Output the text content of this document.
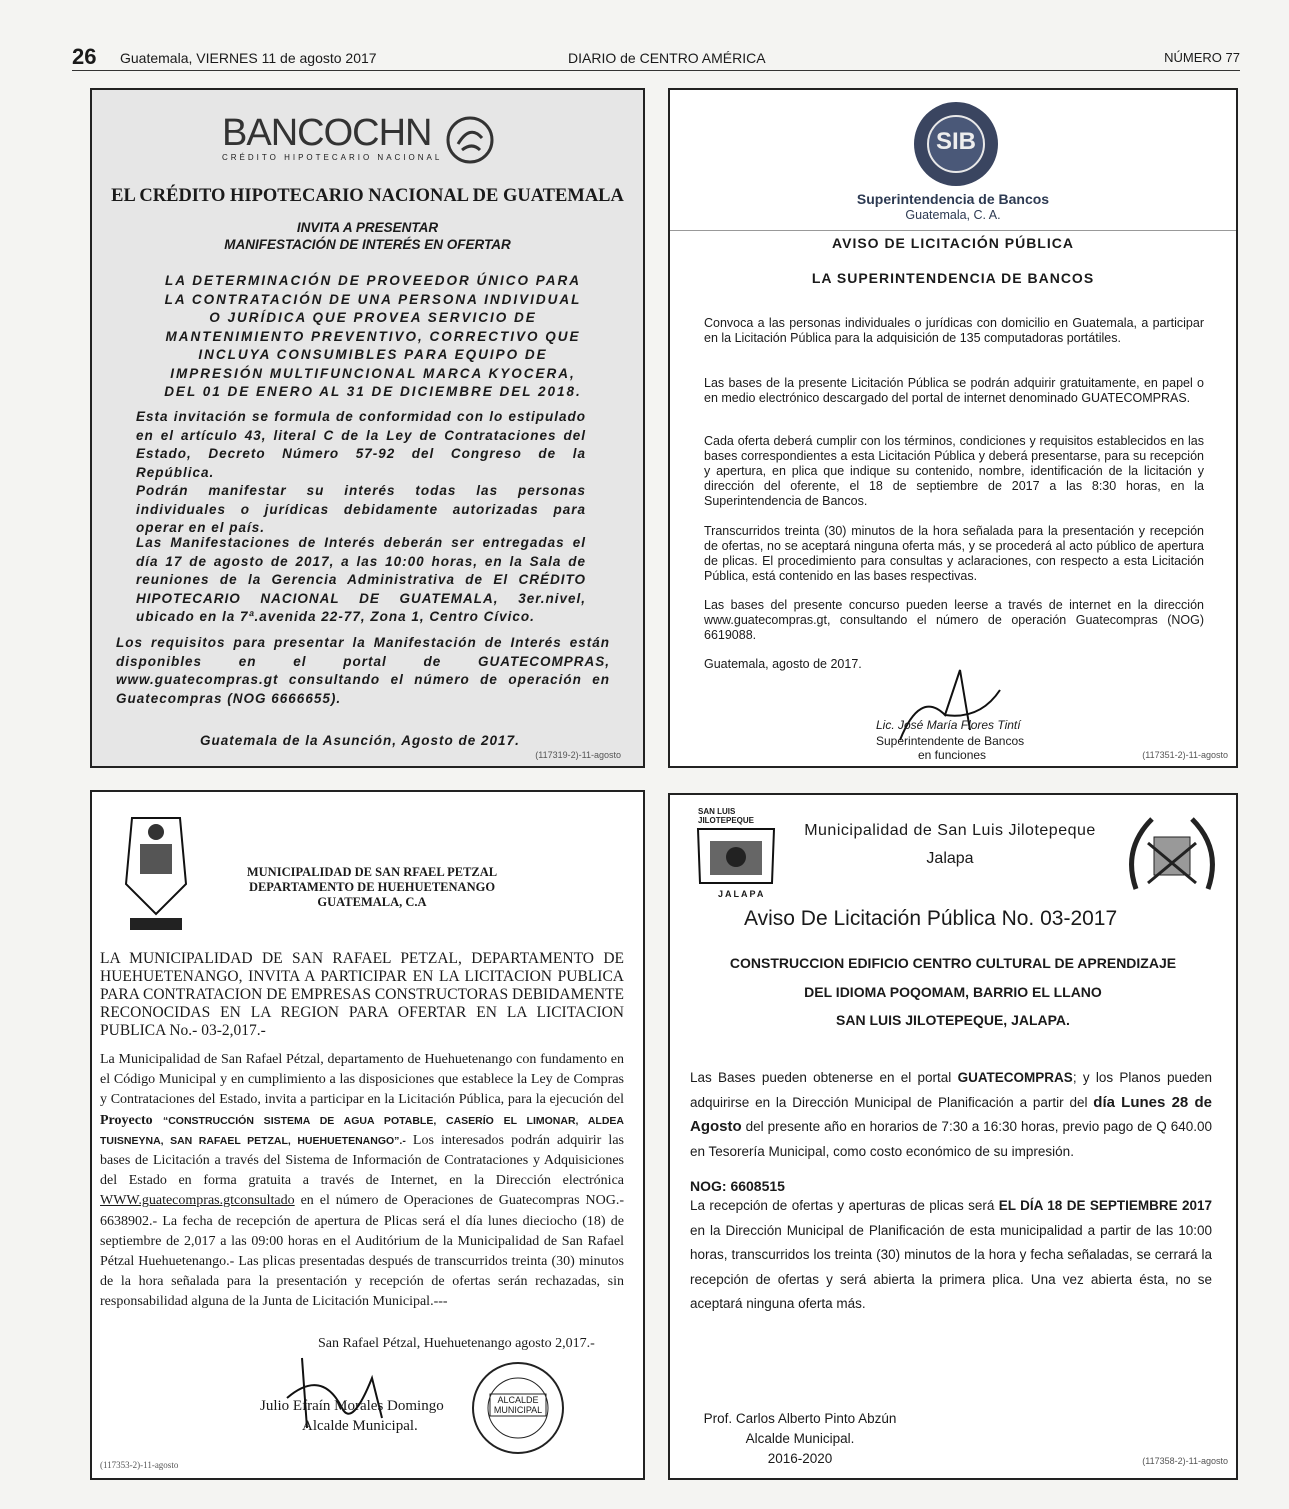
26 Guatemala, VIERNES 11 de agosto 2017	DIARIO de CENTRO AMÉRICA	NÚMERO 77
BANCOCHN
CRÉDITO HIPOTECARIO NACIONAL
EL CRÉDITO HIPOTECARIO NACIONAL DE GUATEMALA
INVITA A PRESENTAR
MANIFESTACIÓN DE INTERÉS EN OFERTAR
LA DETERMINACIÓN DE PROVEEDOR ÚNICO PARA
LA CONTRATACIÓN DE UNA PERSONA INDIVIDUAL
O JURÍDICA QUE PROVEA SERVICIO DE
MANTENIMIENTO PREVENTIVO, CORRECTIVO QUE
INCLUYA CONSUMIBLES PARA EQUIPO DE
IMPRESIÓN MULTIFUNCIONAL MARCA KYOCERA,
DEL 01 DE ENERO AL 31 DE DICIEMBRE DEL 2018.
Esta invitación se formula de conformidad con lo estipulado en el artículo 43, literal C de la Ley de Contrataciones del Estado, Decreto Número 57-92 del Congreso de la República.
Podrán manifestar su interés todas las personas individuales o jurídicas debidamente autorizadas para operar en el país.
Las Manifestaciones de Interés deberán ser entregadas el día 17 de agosto de 2017, a las 10:00 horas, en la Sala de reuniones de la Gerencia Administrativa de El CRÉDITO HIPOTECARIO NACIONAL DE GUATEMALA, 3er.nivel, ubicado en la 7ª.avenida 22-77, Zona 1, Centro Cívico.
Los requisitos para presentar la Manifestación de Interés están disponibles en el portal de GUATECOMPRAS, www.guatecompras.gt consultando el número de operación en Guatecompras (NOG 6666655).
Guatemala de la Asunción, Agosto de 2017.
(117319-2)-11-agosto
SIB
Superintendencia de Bancos
Guatemala, C. A.
AVISO DE LICITACIÓN PÚBLICA
LA SUPERINTENDENCIA DE BANCOS
Convoca a las personas individuales o jurídicas con domicilio en Guatemala, a participar en la Licitación Pública para la adquisición de 135 computadoras portátiles.
Las bases de la presente Licitación Pública se podrán adquirir gratuitamente, en papel o en medio electrónico descargado del portal de internet denominado GUATECOMPRAS.
Cada oferta deberá cumplir con los términos, condiciones y requisitos establecidos en las bases correspondientes a esta Licitación Pública y deberá presentarse, para su recepción y apertura, en plica que indique su contenido, nombre, identificación de la licitación y dirección del oferente, el 18 de septiembre de 2017 a las 8:30 horas, en la Superintendencia de Bancos.
Transcurridos treinta (30) minutos de la hora señalada para la presentación y recepción de ofertas, no se aceptará ninguna oferta más, y se procederá al acto público de apertura de plicas. El procedimiento para consultas y aclaraciones, con respecto a esta Licitación Pública, está contenido en las bases respectivas.
Las bases del presente concurso pueden leerse a través de internet en la dirección www.guatecompras.gt, consultando el número de operación Guatecompras (NOG) 6619088.
Guatemala, agosto de 2017.
Lic. José María Flores Tintí
Superintendente de Bancos
en funciones	(117351-2)-11-agosto
MUNICIPALIDAD DE SAN RFAEL PETZAL
DEPARTAMENTO DE HUEHUETENANGO
GUATEMALA, C.A
LA MUNICIPALIDAD DE SAN RAFAEL PETZAL, DEPARTAMENTO DE HUEHUETENANGO, INVITA A PARTICIPAR EN LA LICITACION PUBLICA PARA CONTRATACION DE EMPRESAS CONSTRUCTORAS DEBIDAMENTE RECONOCIDAS EN LA REGION PARA OFERTAR EN LA LICITACION PUBLICA No.- 03-2,017.-
La Municipalidad de San Rafael Pétzal, departamento de Huehuetenango con fundamento en el Código Municipal y en cumplimiento a las disposiciones que establece la Ley de Compras y Contrataciones del Estado, invita a participar en la Licitación Pública, para la ejecución del Proyecto “CONSTRUCCIÓN SISTEMA DE AGUA POTABLE, CASERÍO EL LIMONAR, ALDEA TUISNEYNA, SAN RAFAEL PETZAL, HUEHUETENANGO”.- Los interesados podrán adquirir las bases de Licitación a través del Sistema de Información de Contrataciones y Adquisiciones del Estado en forma gratuita a través de Internet, en la Dirección electrónica WWW.guatecompras.gtconsultado en el número de Operaciones de Guatecompras NOG.- 6638902.- La fecha de recepción de apertura de Plicas será el día lunes dieciocho (18) de septiembre de 2,017 a las 09:00 horas en el Auditórium de la Municipalidad de San Rafael Pétzal Huehuetenango.- Las plicas presentadas después de transcurridos treinta (30) minutos de la hora señalada para la presentación y recepción de ofertas serán rechazadas, sin responsabilidad alguna de la Junta de Licitación Municipal.---
San Rafael Pétzal, Huehuetenango agosto 2,017.-
Julio Efraín Morales Domingo
Alcalde Municipal.
ALCALDE
MUNICIPAL
(117353-2)-11-agosto
SAN LUIS JILOTEPEQUE
JALAPA
Municipalidad de San Luis Jilotepeque
Jalapa
Aviso De Licitación Pública No. 03-2017
CONSTRUCCION EDIFICIO CENTRO CULTURAL DE APRENDIZAJE
DEL IDIOMA POQOMAM, BARRIO EL LLANO
SAN LUIS JILOTEPEQUE, JALAPA.
Las Bases pueden obtenerse en el portal GUATECOMPRAS; y los Planos pueden adquirirse en la Dirección Municipal de Planificación a partir del día Lunes 28 de Agosto del presente año en horarios de 7:30 a 16:30 horas, previo pago de Q 640.00 en Tesorería Municipal, como costo económico de su impresión.
NOG: 6608515
La recepción de ofertas y aperturas de plicas será EL DÍA 18 DE SEPTIEMBRE 2017 en la Dirección Municipal de Planificación de esta municipalidad a partir de las 10:00 horas, transcurridos los treinta (30) minutos de la hora y fecha señaladas, se cerrará la recepción de ofertas y será abierta la primera plica. Una vez abierta ésta, no se aceptará ninguna oferta más.
Prof. Carlos Alberto Pinto Abzún
Alcalde Municipal.
2016-2020	(117358-2)-11-agosto
